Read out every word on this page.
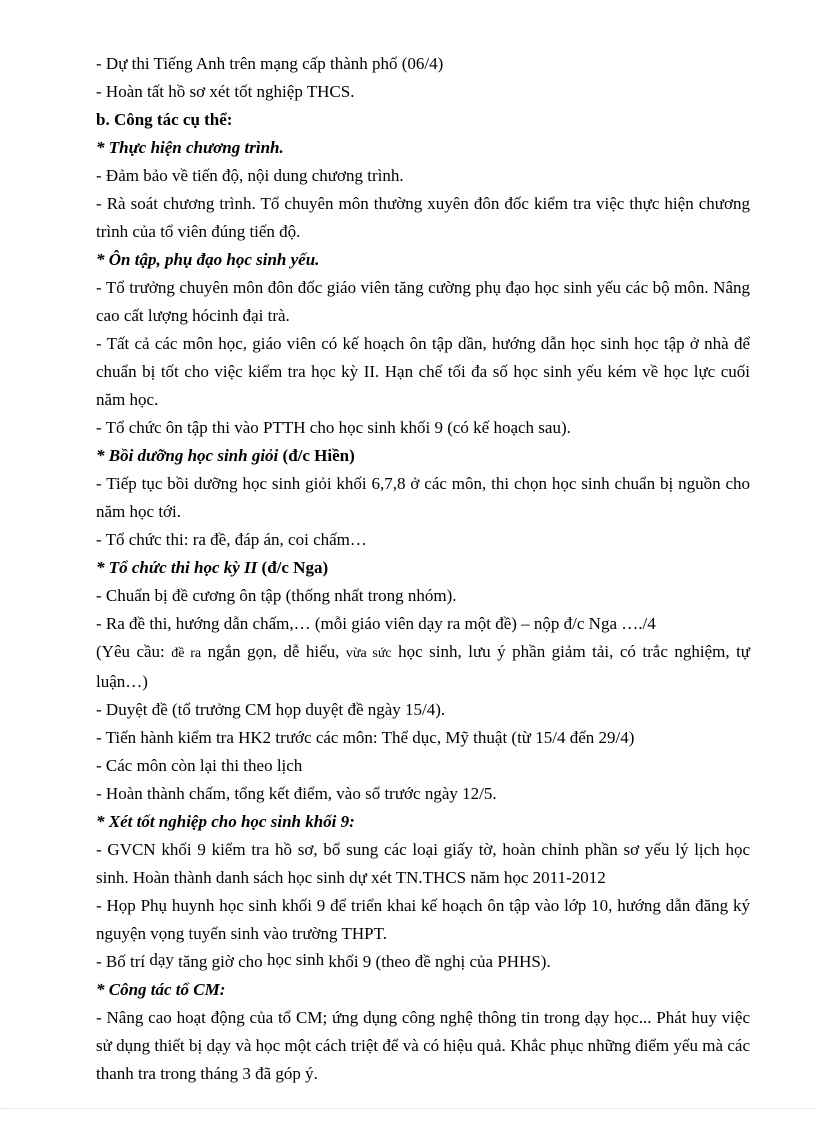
- Dự thi Tiếng Anh trên mạng cấp thành phố (06/4)
- Hoàn tất hồ sơ xét tốt nghiệp THCS.
b. Công tác cụ thể:
* Thực hiện chương trình.
- Đảm bảo về tiến độ, nội dung chương trình.
- Rà soát chương trình. Tổ chuyên môn thường xuyên đôn đốc kiểm tra việc thực hiện chương trình của tổ viên đúng tiến độ.
* Ôn tập, phụ đạo học sinh yếu.
- Tổ trưởng chuyên môn đôn đốc giáo viên tăng cường phụ đạo học sinh yếu các bộ môn. Nâng cao cất lượng hócinh đại trà.
- Tất cả các môn học, giáo viên có kế hoạch ôn tập dần, hướng dẫn học sinh học tập ở nhà để chuẩn bị tốt cho việc kiểm tra học kỳ II. Hạn chế tối đa số học sinh yếu kém về học lực cuối năm học.
- Tổ chức ôn tập thi vào PTTH cho học sinh khối 9 (có kế hoạch sau).
* Bồi dưỡng học sinh giỏi (đ/c Hiền)
- Tiếp tục bồi dưỡng học sinh giỏi khối 6,7,8 ở các môn, thi chọn học sinh chuẩn bị nguồn cho năm học tới.
- Tổ chức thi: ra đề, đáp án, coi chấm…
* Tổ chức thi học kỳ II (đ/c Nga)
- Chuẩn bị đề cương ôn tập (thống nhất trong nhóm).
- Ra đề thi, hướng dẫn chấm,… (mỗi giáo viên dạy ra một đề) – nộp đ/c Nga …./4
(Yêu cầu: đề ra ngắn gọn, dễ hiểu, vừa sức học sinh, lưu ý phần giảm tải, có trắc nghiệm, tự luận…)
- Duyệt đề (tổ trưởng CM họp duyệt đề ngày 15/4).
- Tiến hành kiểm tra HK2 trước các môn: Thể dục, Mỹ thuật (từ 15/4 đến 29/4)
- Các môn còn lại thi theo lịch
- Hoàn thành chấm, tổng kết điểm, vào sổ trước ngày 12/5.
* Xét tốt nghiệp cho học sinh khối 9:
- GVCN khối 9 kiểm tra hồ sơ, bổ sung các loại giấy tờ, hoàn chỉnh phần sơ yếu lý lịch học sinh. Hoàn thành danh sách học sinh dự xét TN.THCS năm học 2011-2012
- Họp Phụ huynh học sinh khối 9 để triển khai kế hoạch ôn tập vào lớp 10, hướng dẫn đăng ký nguyện vọng tuyển sinh vào trường THPT.
- Bố trí dạy tăng giờ cho học sinh khối 9 (theo đề nghị của PHHS).
* Công tác tổ CM:
- Nâng cao hoạt động của tổ CM; ứng dụng công nghệ thông tin trong dạy học... Phát huy việc sử dụng thiết bị dạy và học một cách triệt để và có hiệu quả. Khắc phục những điểm yếu mà các thanh tra trong tháng 3 đã góp ý.
